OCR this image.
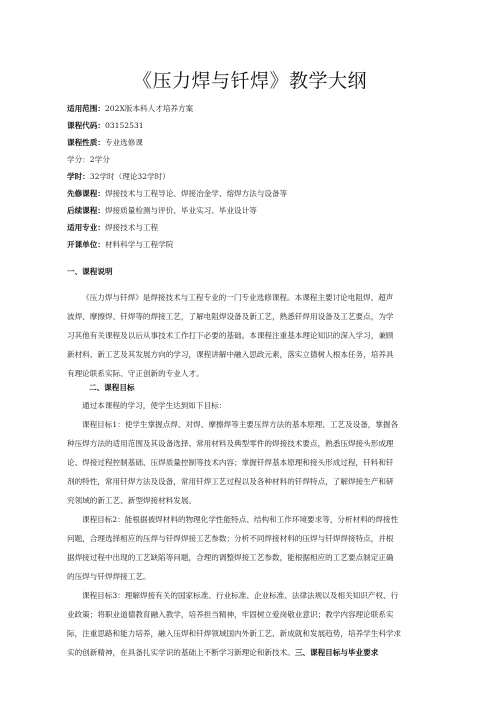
《压力焊与钎焊》教学大纲
适用范围：202X版本科人才培养方案
课程代码：03152531
课程性质：专业选修课
学分：2学分
学时：32学时（理论32学时）
先修课程：焊接技术与工程导论、焊接冶金学、熔焊方法与设备等
后续课程：焊接质量检测与评价、毕业实习、毕业设计等
适用专业：焊接技术与工程
开课单位：材料科学与工程学院
一、课程说明
《压力焊与钎焊》是焊接技术与工程专业的一门专业选修课程。本课程主要讨论电阻焊、超声
波焊、摩擦焊、钎焊等的焊接工艺，了解电阻焊设备及新工艺，熟悉钎焊用设备及工艺要点，为学
习其他有关课程及以后从事技术工作打下必要的基础。本课程注重基本理论知识的深入学习，兼顾
新材料、新工艺及其发展方向的学习，课程讲解中融入思政元素，落实立德树人根本任务，培养具
有理论联系实际、守正创新的专业人才。
二、课程目标
通过本课程的学习，使学生达到如下目标：
课程目标1：使学生掌握点焊、对焊、摩擦焊等主要压焊方法的基本原理、工艺及设备，掌握各
种压焊方法的适用范围及其设备选择、常用材料及典型零件的焊接技术要点，熟悉压焊接头形成理
论、焊接过程控制基础、压焊质量控制等技术内容；掌握钎焊基本原理和接头形成过程，钎料和钎
剂的特性，常用钎焊方法及设备，常用钎焊工艺过程以及各种材料的钎焊特点，了解焊接生产和研
究领域的新工艺、新型焊接材料发展。
课程目标2：能根据被焊材料的物理化学性能特点、结构和工作环境要求等，分析材料的焊接性
问题，合理选择相应的压焊与钎焊焊接工艺参数；分析不同焊接材料的压焊与钎焊焊接特点，并根
据焊接过程中出现的工艺缺陷等问题，合理的调整焊接工艺参数，能根据相应的工艺要点制定正确
的压焊与钎焊焊接工艺。
课程目标3：理解焊接有关的国家标准、行业标准、企业标准、法律法规以及相关知识产权、行
业政策；将职业道德教育融入教学，培养担当精神，牢固树立爱岗敬业意识；教学内容理论联系实
际，注重思路和能力培养，融入压焊和钎焊领域国内外新工艺、新成就和发展趋势，培养学生科学求
实的创新精神，在具备扎实学识的基础上不断学习新理论和新技术。三、课程目标与毕业要求
